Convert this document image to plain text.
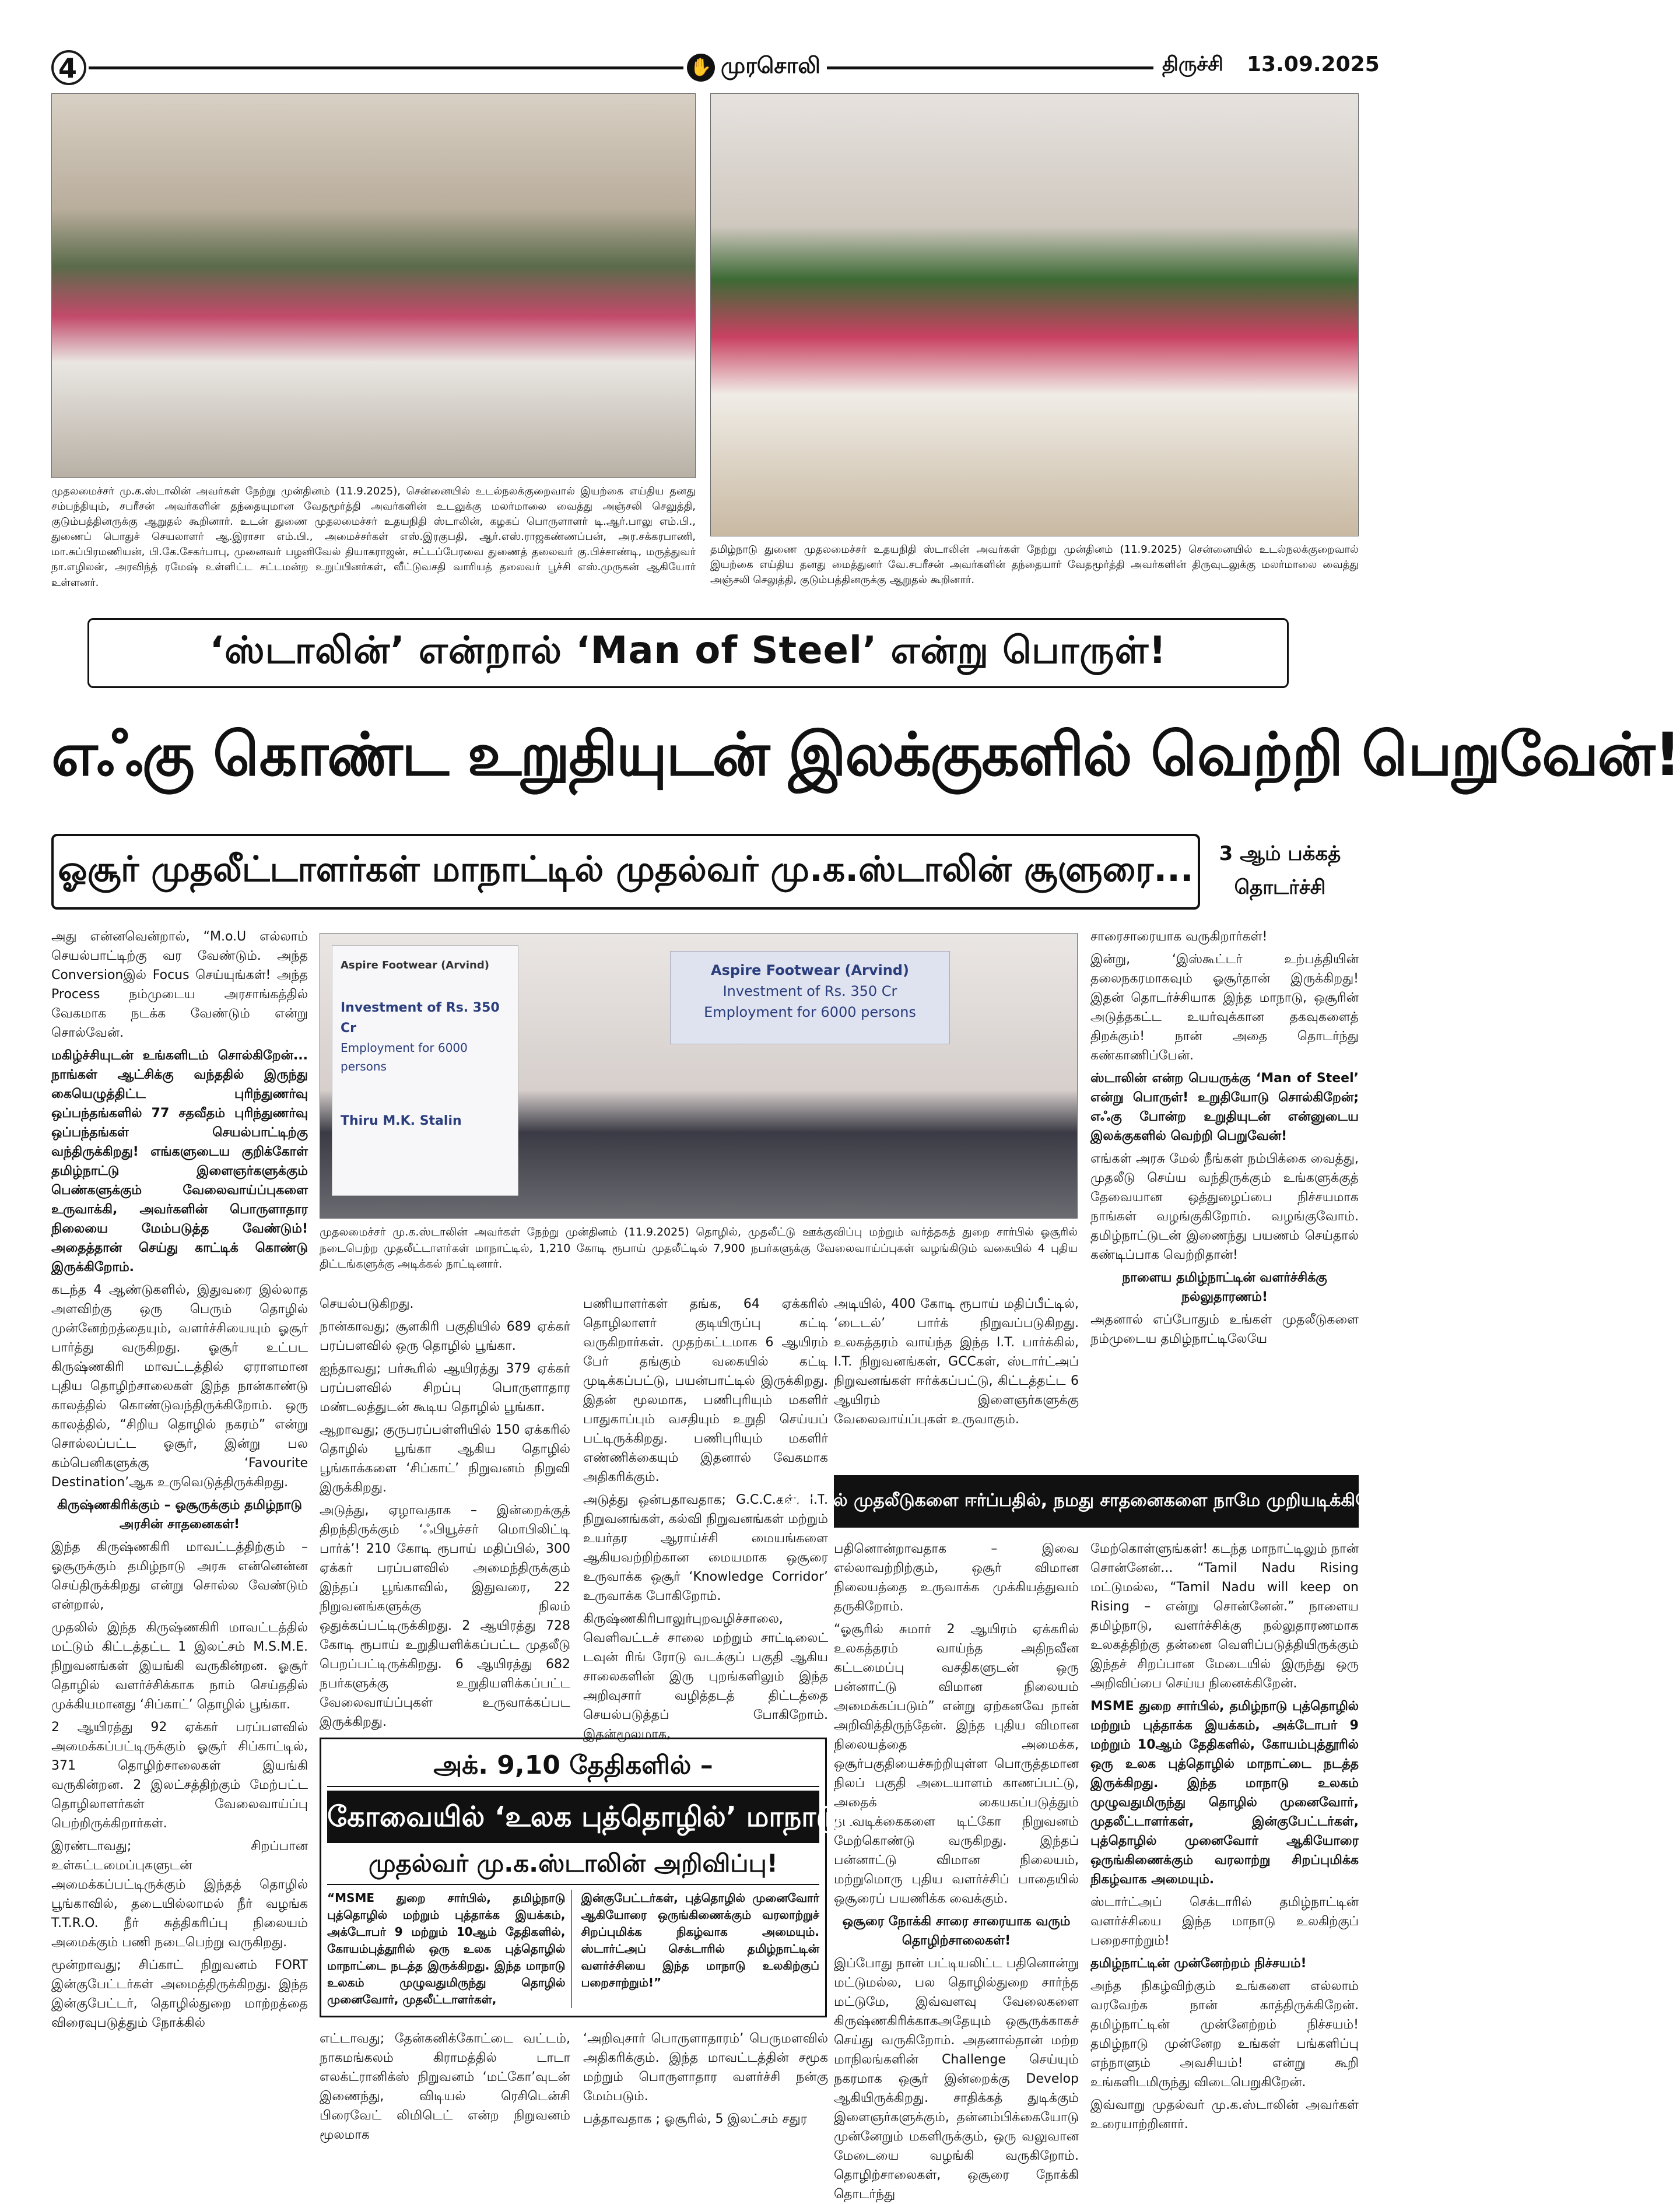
4	✋ முரசொலி	திருச்சி 13.09.2025
முதலமைச்சர் மு.க.ஸ்டாலின் அவர்கள் நேற்று முன்தினம் (11.9.2025), சென்னையில் உடல்நலக்குறைவால் இயற்கை எய்திய தனது சம்பந்தியும், சபரீசன் அவர்களின் தந்தையுமான வேதமூர்த்தி அவர்களின் உடலுக்கு மலர்மாலை வைத்து அஞ்சலி செலுத்தி, குடும்பத்தினருக்கு ஆறுதல் கூறினார். உடன் துணை முதலமைச்சர் உதயநிதி ஸ்டாலின், கழகப் பொருளாளர் டி.ஆர்.பாலு எம்.பி., துணைப் பொதுச் செயலாளர் ஆ.இராசா எம்.பி., அமைச்சர்கள் எஸ்.இரகுபதி, ஆர்.எஸ்.ராஜகண்ணப்பன், அர.சக்கரபாணி, மா.சுப்பிரமணியன், பி.கே.சேகர்பாபு, முனைவர் பழனிவேல் தியாகராஜன், சட்டப்பேரவை துணைத் தலைவர் கு.பிச்சாண்டி, மருத்துவர் நா.எழிலன், அரவிந்த் ரமேஷ் உள்ளிட்ட சட்டமன்ற உறுப்பினர்கள், வீட்டுவசதி வாரியத் தலைவர் பூச்சி எஸ்.முருகன் ஆகியோர் உள்ளனர்.
தமிழ்நாடு துணை முதலமைச்சர் உதயநிதி ஸ்டாலின் அவர்கள் நேற்று முன்தினம் (11.9.2025) சென்னையில் உடல்நலக்குறைவால் இயற்கை எய்திய தனது மைத்துனர் வே.சபரீசன் அவர்களின் தந்தையார் வேதமூர்த்தி அவர்களின் திருவுடலுக்கு மலர்மாலை வைத்து அஞ்சலி செலுத்தி, குடும்பத்தினருக்கு ஆறுதல் கூறினார்.
‘ஸ்டாலின்’ என்றால் ‘Man of Steel’ என்று பொருள்!
எஃகு கொண்ட உறுதியுடன் இலக்குகளில் வெற்றி பெறுவேன்!
ஓசூர் முதலீட்டாளர்கள் மாநாட்டில் முதல்வர் மு.க.ஸ்டாலின் சூளுரை...	3 ஆம் பக்கத்
தொடர்ச்சி

அது என்னவென்றால், “M.o.U எல்லாம் செயல்பாட்டிற்கு வர வேண்டும். அந்த Conversionஇல் Focus செய்யுங்கள்! அந்த Process நம்முடைய அரசாங்கத்தில் வேகமாக நடக்க வேண்டும் என்று சொல்வேன்.

மகிழ்ச்சியுடன் உங்களிடம் சொல்கிறேன்... நாங்கள் ஆட்சிக்கு வந்ததில் இருந்து கையெழுத்திட்ட புரிந்துணர்வு ஒப்பந்தங்களில் 77 சதவீதம் புரிந்துணர்வு ஒப்பந்தங்கள் செயல்பாட்டிற்கு வந்திருக்கிறது! எங்களுடைய குறிக்கோள் தமிழ்நாட்டு இளைஞர்களுக்கும் பெண்களுக்கும் வேலைவாய்ப்புகளை உருவாக்கி, அவர்களின் பொருளாதார நிலையை மேம்படுத்த வேண்டும்! அதைத்தான் செய்து காட்டிக் கொண்டு இருக்கிறோம்.

கடந்த 4 ஆண்டுகளில், இதுவரை இல்லாத அளவிற்கு ஒரு பெரும் தொழில் முன்னேற்றத்தையும், வளர்ச்சியையும் ஓசூர் பார்த்து வருகிறது. ஓசூர் உட்பட கிருஷ்ணகிரி மாவட்டத்தில் ஏராளமான புதிய தொழிற்சாலைகள் இந்த நான்காண்டு காலத்தில் கொண்டுவந்திருக்கிறோம். ஒரு காலத்தில், “சிறிய தொழில் நகரம்” என்று சொல்லப்பட்ட ஓசூர், இன்று பல கம்பெனிகளுக்கு ‘Favourite Destination’ஆக உருவெடுத்திருக்கிறது.

கிருஷ்ணகிரிக்கும் – ஓசூருக்கும் தமிழ்நாடு அரசின் சாதனைகள்!

இந்த கிருஷ்ணகிரி மாவட்டத்திற்கும் – ஓசூருக்கும் தமிழ்நாடு அரசு என்னென்ன செய்திருக்கிறது என்று சொல்ல வேண்டும் என்றால்,

முதலில் இந்த கிருஷ்ணகிரி மாவட்டத்தில் மட்டும் கிட்டத்தட்ட 1 இலட்சம் M.S.M.E. நிறுவனங்கள் இயங்கி வருகின்றன. ஓசூர் தொழில் வளர்ச்சிக்காக நாம் செய்ததில் முக்கியமானது ‘சிப்காட்’ தொழில் பூங்கா.

2 ஆயிரத்து 92 ஏக்கர் பரப்பளவில் அமைக்கப்பட்டிருக்கும் ஓசூர் சிப்காட்டில், 371 தொழிற்சாலைகள் இயங்கி வருகின்றன. 2 இலட்சத்திற்கும் மேற்பட்ட தொழிலாளர்கள் வேலைவாய்ப்பு பெற்றிருக்கிறார்கள்.

இரண்டாவது; சிறப்பான உள்கட்டமைப்புகளுடன் அமைக்கப்பட்டிருக்கும் இந்தத் தொழில் பூங்காவில், தடையில்லாமல் நீர் வழங்க T.T.R.O. நீர் சுத்திகரிப்பு நிலையம் அமைக்கும் பணி நடைபெற்று வருகிறது.

மூன்றாவது; சிப்காட் நிறுவனம் FORT இன்குபேட்டர்கள் அமைத்திருக்கிறது. இந்த இன்குபேட்டர், தொழில்துறை மாற்றத்தை விரைவுபடுத்தும் நோக்கில்

Aspire Footwear (Arvind)
Investment of Rs. 350 Cr
Employment for 6000 persons
Thiru M.K. Stalin
Aspire Footwear (Arvind)
Investment of Rs. 350 Cr
Employment for 6000 persons
முதலமைச்சர் மு.க.ஸ்டாலின் அவர்கள் நேற்று முன்தினம் (11.9.2025) தொழில், முதலீட்டு ஊக்குவிப்பு மற்றும் வர்த்தகத் துறை சார்பில் ஓசூரில் நடைபெற்ற முதலீட்டாளர்கள் மாநாட்டில், 1,210 கோடி ரூபாய் முதலீட்டில் 7,900 நபர்களுக்கு வேலைவாய்ப்புகள் வழங்கிடும் வகையில் 4 புதிய திட்டங்களுக்கு அடிக்கல் நாட்டினார்.

செயல்படுகிறது.

நான்காவது; சூளகிரி பகுதியில் 689 ஏக்கர் பரப்பளவில் ஒரு தொழில் பூங்கா.

ஐந்தாவது; பர்கூரில் ஆயிரத்து 379 ஏக்கர் பரப்பளவில் சிறப்பு பொருளாதார மண்டலத்துடன் கூடிய தொழில் பூங்கா.

ஆறாவது; குருபரப்பள்ளியில் 150 ஏக்கரில் தொழில் பூங்கா ஆகிய தொழில் பூங்காக்களை ‘சிப்காட்’ நிறுவனம் நிறுவி இருக்கிறது.

அடுத்து, ஏழாவதாக – இன்றைக்குத் திறந்திருக்கும் ‘ஃபியூச்சர் மொபிலிட்டி பார்க்’! 210 கோடி ரூபாய் மதிப்பில், 300 ஏக்கர் பரப்பளவில் அமைந்திருக்கும் இந்தப் பூங்காவில், இதுவரை, 22 நிறுவனங்களுக்கு நிலம் ஒதுக்கப்பட்டிருக்கிறது. 2 ஆயிரத்து 728 கோடி ரூபாய் உறுதியளிக்கப்பட்ட முதலீடு பெறப்பட்டிருக்கிறது. 6 ஆயிரத்து 682 நபர்களுக்கு உறுதியளிக்கப்பட்ட வேலைவாய்ப்புகள் உருவாக்கப்பட இருக்கிறது.

பணியாளர்கள் தங்க, 64 ஏக்கரில் தொழிலாளர் குடியிருப்பு கட்டி வருகிறார்கள். முதற்கட்டமாக 6 ஆயிரம் பேர் தங்கும் வகையில் கட்டி முடிக்கப்பட்டு, பயன்பாட்டில் இருக்கிறது. இதன் மூலமாக, பணிபுரியும் மகளிர் பாதுகாப்பும் வசதியும் உறுதி செய்யப் பட்டிருக்கிறது. பணிபுரியும் மகளிர் எண்ணிக்கையும் இதனால் வேகமாக அதிகரிக்கும்.

அடுத்து ஒன்பதாவதாக; G.C.C.கள், I.T. நிறுவனங்கள், கல்வி நிறுவனங்கள் மற்றும் உயர்தர ஆராய்ச்சி மையங்களை ஆகியவற்றிற்கான மையமாக ஒசூரை உருவாக்க ஒசூர் ‘Knowledge Corridor’ உருவாக்க போகிறோம்.

கிருஷ்ணகிரிபாலுர்புறவழிச்சாலை, வெளிவட்டச் சாலை மற்றும் சாட்டிலைட் டவுன் ரிங் ரோடு வடக்குப் பகுதி ஆகிய சாலைகளின் இரு புறங்களிலும் இந்த அறிவுசார் வழித்தடத் திட்டத்தை செயல்படுத்தப் போகிறோம். இதன்மூலமாக,

அடியில், 400 கோடி ரூபாய் மதிப்பீட்டில், ‘டைடல்’ பார்க் நிறுவப்படுகிறது. உலகத்தரம் வாய்ந்த இந்த I.T. பார்க்கில், I.T. நிறுவனங்கள், GCCகள், ஸ்டார்ட்அப் நிறுவனங்கள் ஈர்க்கப்பட்டு, கிட்டத்தட்ட 6 ஆயிரம் இளைஞர்களுக்கு வேலைவாய்ப்புகள் உருவாகும்.

சாரைசாரையாக வருகிறார்கள்!

இன்று, ‘இஸ்கூட்டர் உற்பத்தியின் தலைநகரமாகவும் ஓசூர்தான் இருக்கிறது! இதன் தொடர்ச்சியாக இந்த மாநாடு, ஒசூரின் அடுத்தகட்ட உயர்வுக்கான தகவுகளைத் திறக்கும்! நான் அதை தொடர்ந்து கண்காணிப்பேன்.

ஸ்டாலின் என்ற பெயருக்கு ‘Man of Steel’ என்று பொருள்! உறுதியோடு சொல்கிறேன்; எஃகு போன்ற உறுதியுடன் என்னுடைய இலக்குகளில் வெற்றி பெறுவேன்!

எங்கள் அரசு மேல் நீங்கள் நம்பிக்கை வைத்து, முதலீடு செய்ய வந்திருக்கும் உங்களுக்குத் தேவையான ஒத்துழைப்பை நிச்சயமாக நாங்கள் வழங்குகிறோம். வழங்குவோம். தமிழ்நாட்டுடன் இணைந்து பயணம் செய்தால் கண்டிப்பாக வெற்றிதான்!

நாளைய தமிழ்நாட்டின் வளர்ச்சிக்கு நல்லுதாரணம்!

அதனால் எப்போதும் உங்கள் முதலீடுகளை நம்முடைய தமிழ்நாட்டிலேயே

தொழில் முதலீடுகளை ஈர்ப்பதில், நமது சாதனைகளை நாமே முறியடிக்கிறோம்!

பதினொன்றாவதாக – இவை எல்லாவற்றிற்கும், ஒசூர் விமான நிலையத்தை உருவாக்க முக்கியத்துவம் தருகிறோம்.

“ஓசூரில் சுமார் 2 ஆயிரம் ஏக்கரில் உலகத்தரம் வாய்ந்த அதிநவீன கட்டமைப்பு வசதிகளுடன் ஒரு பன்னாட்டு விமான நிலையம் அமைக்கப்படும்” என்று ஏற்கனவே நான் அறிவித்திருந்தேன். இந்த புதிய விமான நிலையத்தை அமைக்க, ஒசூர்பகுதியைச்சுற்றியுள்ள பொருத்தமான நிலப் பகுதி அடையாளம் காணப்பட்டு, அதைக் கையகப்படுத்தும் நடவடிக்கைகளை டிட்கோ நிறுவனம் மேற்கொண்டு வருகிறது. இந்தப் பன்னாட்டு விமான நிலையம், மற்றுமொரு புதிய வளர்ச்சிப் பாதையில் ஒசூரைப் பயணிக்க வைக்கும்.

ஒசூரை நோக்கி சாரை சாரையாக வரும் தொழிற்சாலைகள்!

இப்போது நான் பட்டியலிட்ட பதினொன்று மட்டுமல்ல, பல தொழில்துறை சார்ந்த மட்டுமே, இவ்வளவு வேலைகளை கிருஷ்ணகிரிக்காகஅதேயும் ஒசூருக்காகச் செய்து வருகிறோம். அதனால்தான் மற்ற மாநிலங்களின் Challenge செய்யும் நகரமாக ஒசூர் இன்றைக்கு Develop ஆகியிருக்கிறது. சாதிக்கத் துடிக்கும் இளைஞர்களுக்கும், தன்னம்பிக்கையோடு முன்னேறும் மகளிருக்கும், ஒரு வலுவான மேடையை வழங்கி வருகிறோம். தொழிற்சாலைகள், ஒசூரை நோக்கி தொடர்ந்து

மேற்கொள்ளுங்கள்! கடந்த மாநாட்டிலும் நான் சொன்னேன்... “Tamil Nadu Rising மட்டுமல்ல, “Tamil Nadu will keep on Rising – என்று சொன்னேன்.” நாளைய தமிழ்நாடு, வளர்ச்சிக்கு நல்லுதாரணமாக உலகத்திற்கு தன்னை வெளிப்படுத்தியிருக்கும் இந்தச் சிறப்பான மேடையில் இருந்து ஒரு அறிவிப்பை செய்ய நினைக்கிறேன்.

MSME துறை சார்பில், தமிழ்நாடு புத்தொழில் மற்றும் புத்தாக்க இயக்கம், அக்டோபர் 9 மற்றும் 10ஆம் தேதிகளில், கோயம்புத்தூரில் ஒரு உலக புத்தொழில் மாநாட்டை நடத்த இருக்கிறது. இந்த மாநாடு உலகம் முழுவதுமிருந்து தொழில் முனைவோர், முதலீட்டாளர்கள், இன்குபேட்டர்கள், புத்தொழில் முனைவோர் ஆகியோரை ஒருங்கிணைக்கும் வரலாற்று சிறப்புமிக்க நிகழ்வாக அமையும்.

ஸ்டார்ட்அப் செக்டாரில் தமிழ்நாட்டின் வளர்ச்சியை இந்த மாநாடு உலகிற்குப் பறைசாற்றும்!

தமிழ்நாட்டின் முன்னேற்றம் நிச்சயம்!

அந்த நிகழ்விற்கும் உங்களை எல்லாம் வரவேற்க நான் காத்திருக்கிறேன். தமிழ்நாட்டின் முன்னேற்றம் நிச்சயம்! தமிழ்நாடு முன்னேற உங்கள் பங்களிப்பு எந்நாளும் அவசியம்! என்று கூறி உங்களிடமிருந்து விடைபெறுகிறேன்.

இவ்வாறு முதல்வர் மு.க.ஸ்டாலின் அவர்கள் உரையாற்றினார்.

அக். 9,10 தேதிகளில் –
கோவையில் ‘உலக புத்தொழில்’ மாநாடு!
முதல்வர் மு.க.ஸ்டாலின் அறிவிப்பு!
“MSME துறை சார்பில், தமிழ்நாடு புத்தொழில் மற்றும் புத்தாக்க இயக்கம், அக்டோபர் 9 மற்றும் 10ஆம் தேதிகளில், கோயம்புத்தூரில் ஒரு உலக புத்தொழில் மாநாட்டை நடத்த இருக்கிறது. இந்த மாநாடு உலகம் முழுவதுமிருந்து தொழில் முனைவோர், முதலீட்டாளர்கள்,
இன்குபேட்டர்கள், புத்தொழில் முனைவோர் ஆகியோரை ஒருங்கிணைக்கும் வரலாற்றுச் சிறப்புமிக்க நிகழ்வாக அமையும். ஸ்டார்ட்அப் செக்டாரில் தமிழ்நாட்டின் வளர்ச்சியை இந்த மாநாடு உலகிற்குப் பறைசாற்றும்!”

எட்டாவது; தேன்கனிக்கோட்டை வட்டம், நாகமங்கலம் கிராமத்தில் டாடா எலக்ட்ரானிக்ஸ் நிறுவனம் ‘மட்கோ’வுடன் இணைந்து, விடியல் ரெசிடென்சி பிரைவேட் லிமிடெட் என்ற நிறுவனம் மூலமாக

‘அறிவுசார் பொருளாதாரம்’ பெருமளவில் அதிகரிக்கும். இந்த மாவட்டத்தின் சமூக மற்றும் பொருளாதார வளர்ச்சி நன்கு மேம்படும்.

பத்தாவதாக ; ஓசூரில், 5 இலட்சம் சதுர
